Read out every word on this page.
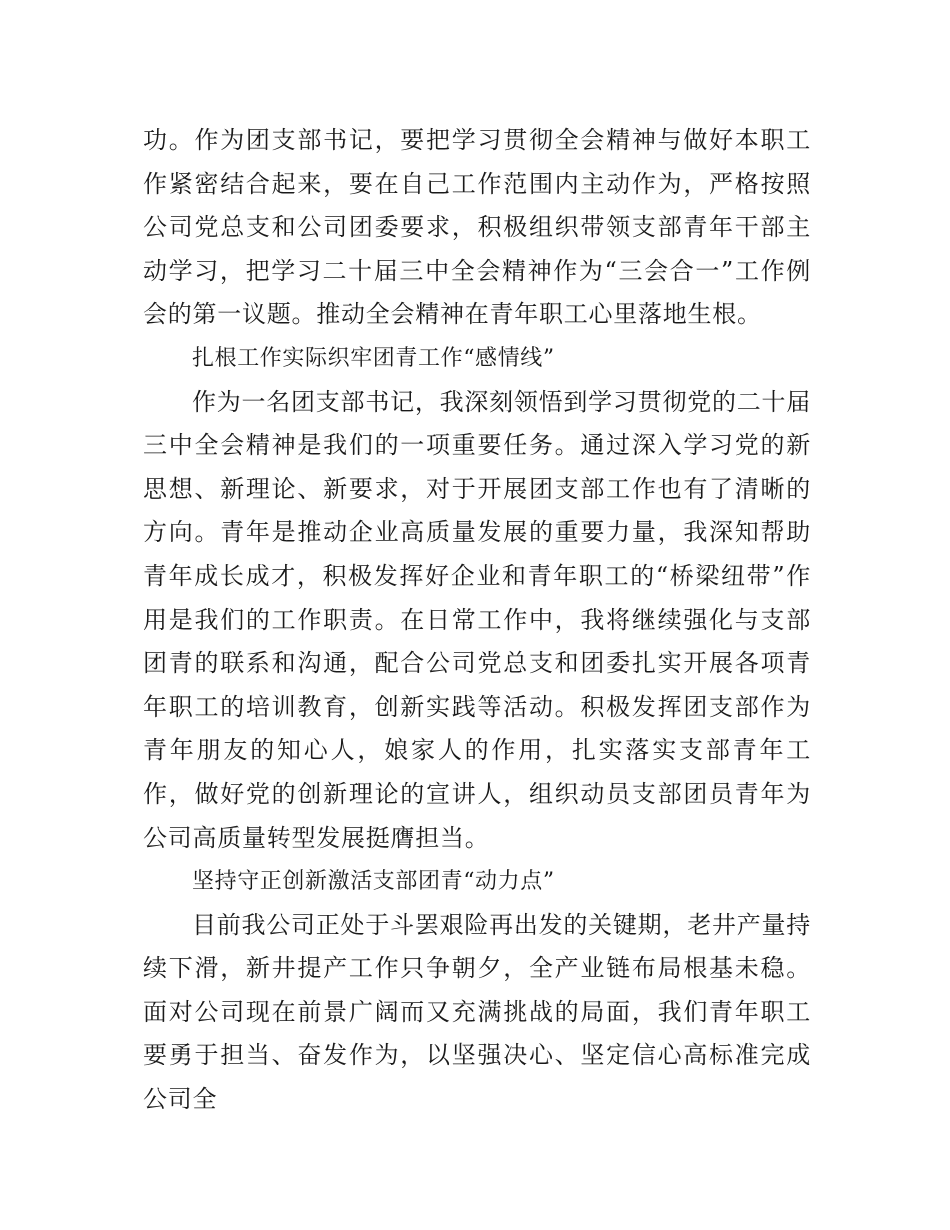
功。作为团支部书记，要把学习贯彻全会精神与做好本职工作紧密结合起来，要在自己工作范围内主动作为，严格按照公司党总支和公司团委要求，积极组织带领支部青年干部主动学习，把学习二十届三中全会精神作为“三会合一”工作例会的第一议题。推动全会精神在青年职工心里落地生根。

扎根工作实际织牢团青工作“感情线”

作为一名团支部书记，我深刻领悟到学习贯彻党的二十届三中全会精神是我们的一项重要任务。通过深入学习党的新思想、新理论、新要求，对于开展团支部工作也有了清晰的方向。青年是推动企业高质量发展的重要力量，我深知帮助青年成长成才，积极发挥好企业和青年职工的“桥梁纽带”作用是我们的工作职责。在日常工作中，我将继续强化与支部团青的联系和沟通，配合公司党总支和团委扎实开展各项青年职工的培训教育，创新实践等活动。积极发挥团支部作为青年朋友的知心人，娘家人的作用，扎实落实支部青年工作，做好党的创新理论的宣讲人，组织动员支部团员青年为公司高质量转型发展挺膺担当。

坚持守正创新激活支部团青“动力点”

目前我公司正处于斗罢艰险再出发的关键期，老井产量持续下滑，新井提产工作只争朝夕，全产业链布局根基未稳。面对公司现在前景广阔而又充满挑战的局面，我们青年职工要勇于担当、奋发作为，以坚强决心、坚定信心高标准完成公司全
